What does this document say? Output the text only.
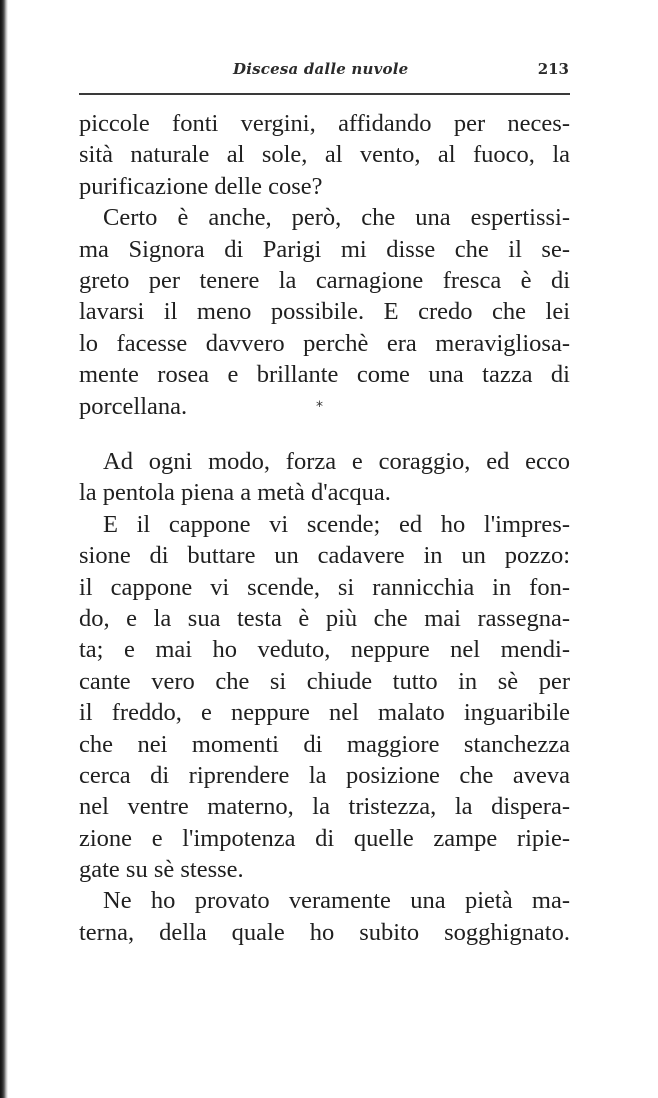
Discesa dalle nuvole	213
piccole fonti vergini, affidando per neces-
sità naturale al sole, al vento, al fuoco, la
purificazione delle cose?
Certo è anche, però, che una espertissi-
ma Signora di Parigi mi disse che il se-
greto per tenere la carnagione fresca è di
lavarsi il meno possibile. E credo che lei
lo facesse davvero perchè era meravigliosa-
mente rosea e brillante come una tazza di
porcellana.	*
Ad ogni modo, forza e coraggio, ed ecco
la pentola piena a metà d'acqua.
E il cappone vi scende; ed ho l'impres-
sione di buttare un cadavere in un pozzo:
il cappone vi scende, si rannicchia in fon-
do, e la sua testa è più che mai rassegna-
ta; e mai ho veduto, neppure nel mendi-
cante vero che si chiude tutto in sè per
il freddo, e neppure nel malato inguaribile
che nei momenti di maggiore stanchezza
cerca di riprendere la posizione che aveva
nel ventre materno, la tristezza, la dispera-
zione e l'impotenza di quelle zampe ripie-
gate su sè stesse.
Ne ho provato veramente una pietà ma-
terna, della quale ho subito sogghignato.
